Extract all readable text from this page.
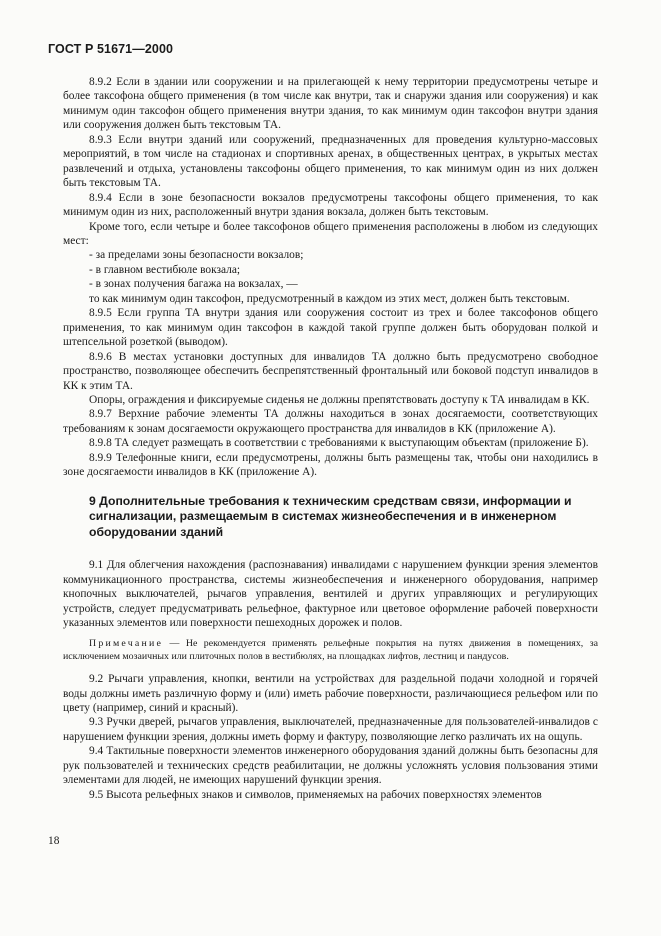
ГОСТ Р 51671—2000

8.9.2 Если в здании или сооружении и на прилегающей к нему территории предусмотрены четыре и более таксофона общего применения (в том числе как внутри, так и снаружи здания или сооружения) и как минимум один таксофон общего применения внутри здания, то как минимум один таксофон внутри здания или сооружения должен быть текстовым ТА.

8.9.3 Если внутри зданий или сооружений, предназначенных для проведения культурно-массовых мероприятий, в том числе на стадионах и спортивных аренах, в общественных центрах, в укрытых местах развлечений и отдыха, установлены таксофоны общего применения, то как минимум один из них должен быть текстовым ТА.

8.9.4 Если в зоне безопасности вокзалов предусмотрены таксофоны общего применения, то как минимум один из них, расположенный внутри здания вокзала, должен быть текстовым.

Кроме того, если четыре и более таксофонов общего применения расположены в любом из следующих мест:

- за пределами зоны безопасности вокзалов;

- в главном вестибюле вокзала;

- в зонах получения багажа на вокзалах, —

то как минимум один таксофон, предусмотренный в каждом из этих мест, должен быть текстовым.

8.9.5 Если группа ТА внутри здания или сооружения состоит из трех и более таксофонов общего применения, то как минимум один таксофон в каждой такой группе должен быть оборудован полкой и штепсельной розеткой (выводом).

8.9.6 В местах установки доступных для инвалидов ТА должно быть предусмотрено свободное пространство, позволяющее обеспечить беспрепятственный фронтальный или боковой подступ инвалидов в КК к этим ТА.

Опоры, ограждения и фиксируемые сиденья не должны препятствовать доступу к ТА инвалидам в КК.

8.9.7 Верхние рабочие элементы ТА должны находиться в зонах досягаемости, соответствующих требованиям к зонам досягаемости окружающего пространства для инвалидов в КК (приложение А).

8.9.8 ТА следует размещать в соответствии с требованиями к выступающим объектам (приложение Б).

8.9.9 Телефонные книги, если предусмотрены, должны быть размещены так, чтобы они находились в зоне досягаемости инвалидов в КК (приложение А).

9 Дополнительные требования к техническим средствам связи, информации и сигнализации, размещаемым в системах жизнеобеспечения и в инженерном оборудовании зданий

9.1 Для облегчения нахождения (распознавания) инвалидами с нарушением функции зрения элементов коммуникационного пространства, системы жизнеобеспечения и инженерного оборудования, например кнопочных выключателей, рычагов управления, вентилей и других управляющих и регулирующих устройств, следует предусматривать рельефное, фактурное или цветовое оформление рабочей поверхности указанных элементов или поверхности пешеходных дорожек и полов.

Примечание — Не рекомендуется применять рельефные покрытия на путях движения в помещениях, за исключением мозаичных или плиточных полов в вестибюлях, на площадках лифтов, лестниц и пандусов.

9.2 Рычаги управления, кнопки, вентили на устройствах для раздельной подачи холодной и горячей воды должны иметь различную форму и (или) иметь рабочие поверхности, различающиеся рельефом или по цвету (например, синий и красный).

9.3 Ручки дверей, рычагов управления, выключателей, предназначенные для пользователей-инвалидов с нарушением функции зрения, должны иметь форму и фактуру, позволяющие легко различать их на ощупь.

9.4 Тактильные поверхности элементов инженерного оборудования зданий должны быть безопасны для рук пользователей и технических средств реабилитации, не должны усложнять условия пользования этими элементами для людей, не имеющих нарушений функции зрения.

9.5 Высота рельефных знаков и символов, применяемых на рабочих поверхностях элементов

18
